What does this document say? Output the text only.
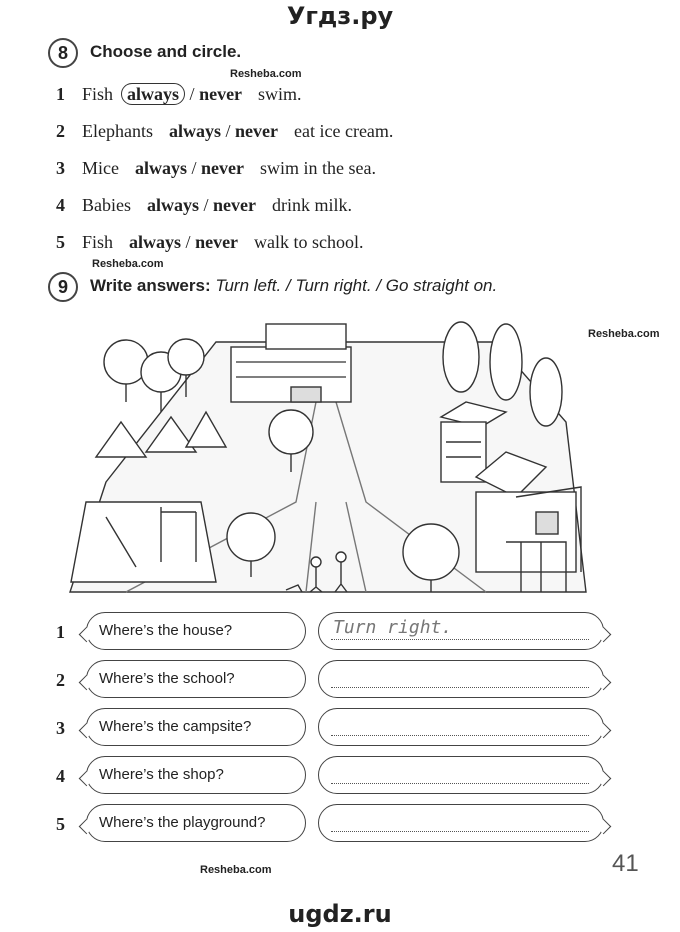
Угдз.ру
8	Choose and circle.
Resheba.com
1 Fish always / never swim.
2 Elephants always / never eat ice cream.
3 Mice always / never swim in the sea.
4 Babies always / never drink milk.
5 Fish always / never walk to school.
Resheba.com
9	Write answers: Turn left. / Turn right. / Go straight on.
Resheba.com
1	Where’s the house?	Turn right.
2	Where’s the school?
3	Where’s the campsite?
4	Where’s the shop?
5	Where’s the playground?
41
Resheba.com
ugdz.ru
